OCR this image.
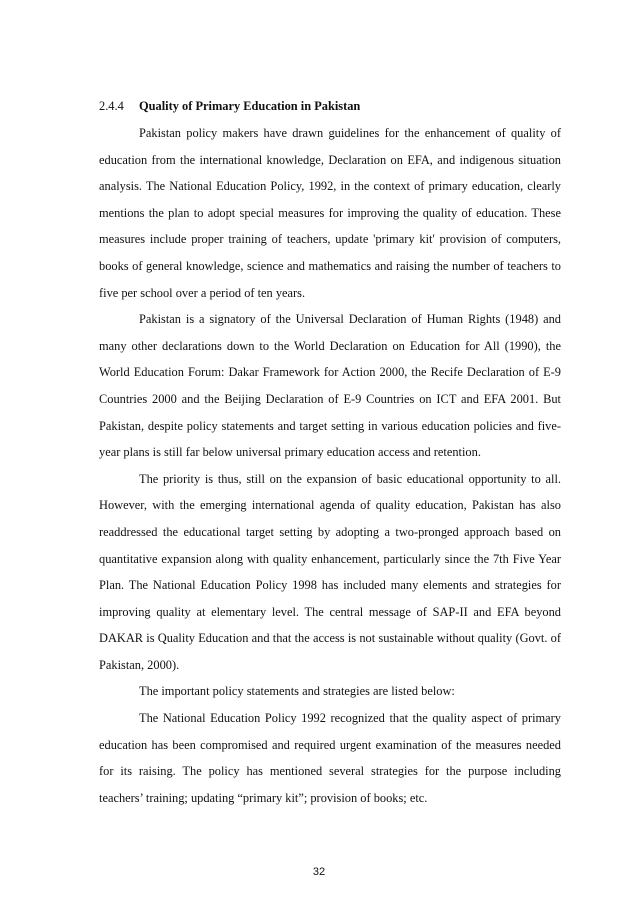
2.4.4 Quality of Primary Education in Pakistan

Pakistan policy makers have drawn guidelines for the enhancement of quality of education from the international knowledge, Declaration on EFA, and indigenous situation analysis. The National Education Policy, 1992, in the context of primary education, clearly mentions the plan to adopt special measures for improving the quality of education. These measures include proper training of teachers, update 'primary kit' provision of computers, books of general knowledge, science and mathematics and raising the number of teachers to five per school over a period of ten years.

Pakistan is a signatory of the Universal Declaration of Human Rights (1948) and many other declarations down to the World Declaration on Education for All (1990), the World Education Forum: Dakar Framework for Action 2000, the Recife Declaration of E-9 Countries 2000 and the Beijing Declaration of E-9 Countries on ICT and EFA 2001. But Pakistan, despite policy statements and target setting in various education policies and five-year plans is still far below universal primary education access and retention.

The priority is thus, still on the expansion of basic educational opportunity to all. However, with the emerging international agenda of quality education, Pakistan has also readdressed the educational target setting by adopting a two-pronged approach based on quantitative expansion along with quality enhancement, particularly since the 7th Five Year Plan. The National Education Policy 1998 has included many elements and strategies for improving quality at elementary level. The central message of SAP-II and EFA beyond DAKAR is Quality Education and that the access is not sustainable without quality (Govt. of Pakistan, 2000).

The important policy statements and strategies are listed below:

The National Education Policy 1992 recognized that the quality aspect of primary education has been compromised and required urgent examination of the measures needed for its raising. The policy has mentioned several strategies for the purpose including teachers’ training; updating “primary kit”; provision of books; etc.

32
